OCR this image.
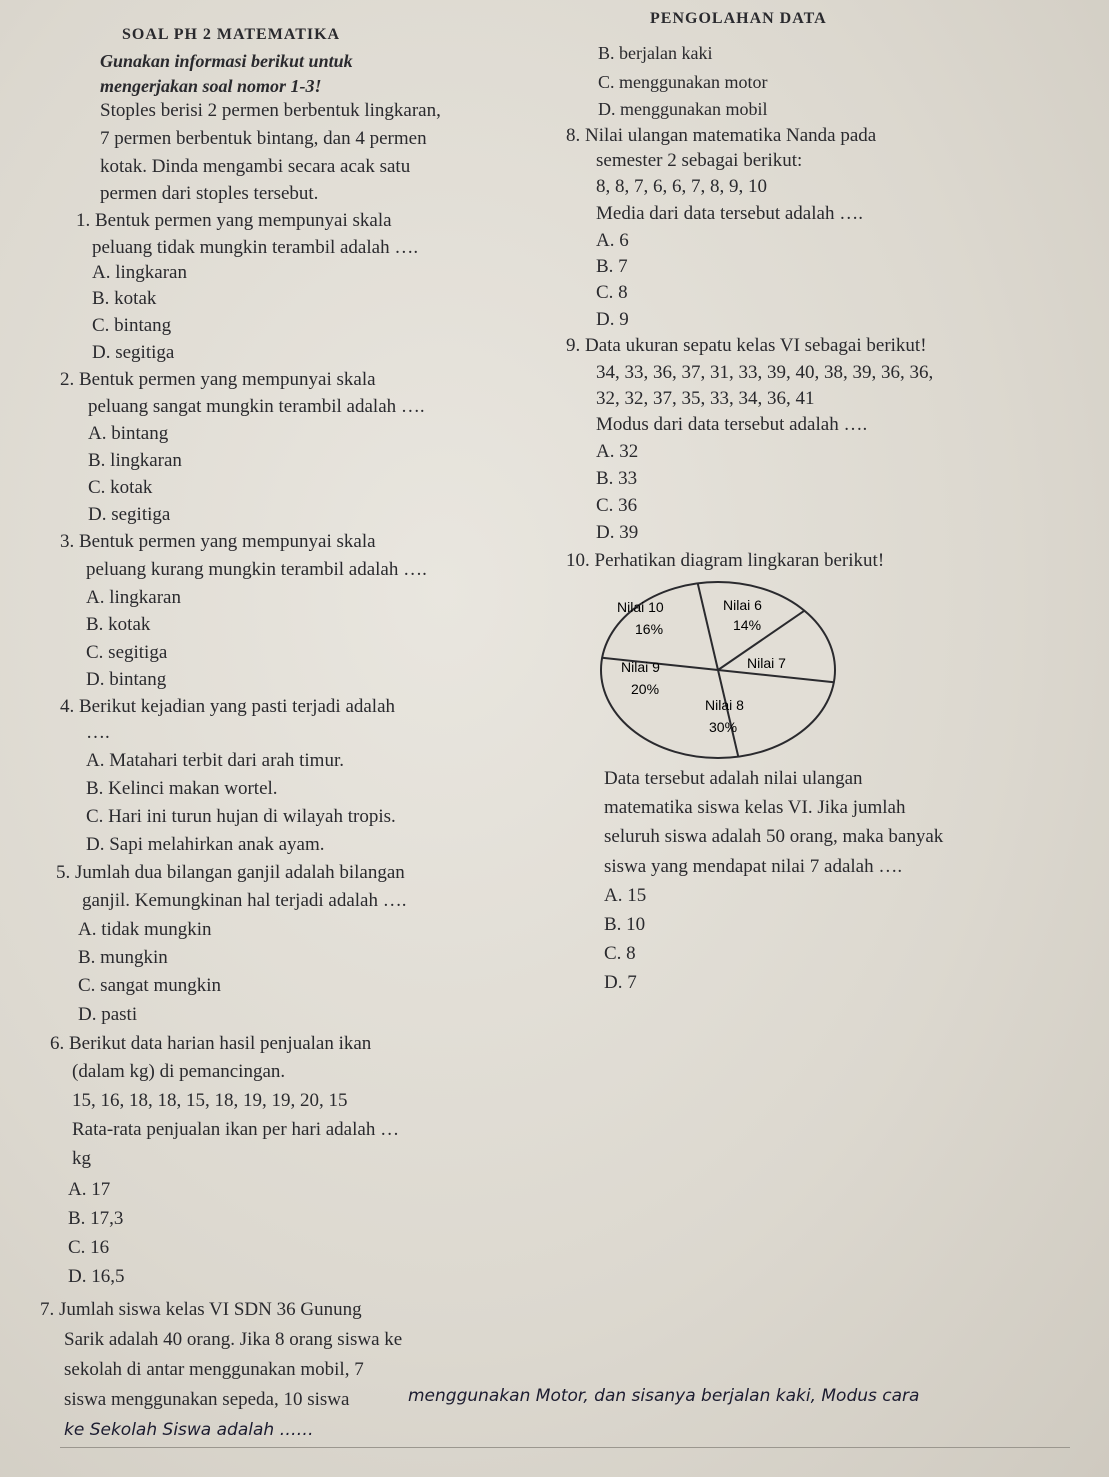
SOAL PH 2 MATEMATIKA
Gunakan informasi berikut untuk
mengerjakan soal nomor 1-3!
Stoples berisi 2 permen berbentuk lingkaran,
7 permen berbentuk bintang, dan 4 permen
kotak. Dinda mengambi secara acak satu
permen dari stoples tersebut.
1. Bentuk permen yang mempunyai skala
peluang tidak mungkin terambil adalah ….
A. lingkaran
B. kotak
C. bintang
D. segitiga
2. Bentuk permen yang mempunyai skala
peluang sangat mungkin terambil adalah ….
A. bintang
B. lingkaran
C. kotak
D. segitiga
3. Bentuk permen yang mempunyai skala
peluang kurang mungkin terambil adalah ….
A. lingkaran
B. kotak
C. segitiga
D. bintang
4. Berikut kejadian yang pasti terjadi adalah
….
A. Matahari terbit dari arah timur.
B. Kelinci makan wortel.
C. Hari ini turun hujan di wilayah tropis.
D. Sapi melahirkan anak ayam.
5. Jumlah dua bilangan ganjil adalah bilangan
ganjil. Kemungkinan hal terjadi adalah ….
A. tidak mungkin
B. mungkin
C. sangat mungkin
D. pasti
6. Berikut data harian hasil penjualan ikan
(dalam kg) di pemancingan.
15, 16, 18, 18, 15, 18, 19, 19, 20, 15
Rata-rata penjualan ikan per hari adalah …
kg
A. 17
B. 17,3
C. 16
D. 16,5
7. Jumlah siswa kelas VI SDN 36 Gunung
Sarik adalah 40 orang. Jika 8 orang siswa ke
sekolah di antar menggunakan mobil, 7
siswa menggunakan sepeda, 10 siswa	menggunakan Motor, dan sisanya berjalan kaki, Modus cara
ke Sekolah Siswa adalah ……
PENGOLAHAN DATA
B. berjalan kaki
C. menggunakan motor
D. menggunakan mobil
8. Nilai ulangan matematika Nanda pada
semester 2 sebagai berikut:
8, 8, 7, 6, 6, 7, 8, 9, 10
Media dari data tersebut adalah ….
A. 6
B. 7
C. 8
D. 9
9. Data ukuran sepatu kelas VI sebagai berikut!
34, 33, 36, 37, 31, 33, 39, 40, 38, 39, 36, 36,
32, 32, 37, 35, 33, 34, 36, 41
Modus dari data tersebut adalah ….
A. 32
B. 33
C. 36
D. 39
10. Perhatikan diagram lingkaran berikut!
Nilai 10
16%
Nilai 6
14%
Nilai 7
Nilai 9
20%
Nilai 8
30%
Data tersebut adalah nilai ulangan
matematika siswa kelas VI. Jika jumlah
seluruh siswa adalah 50 orang, maka banyak
siswa yang mendapat nilai 7 adalah ….
A. 15
B. 10
C. 8
D. 7
